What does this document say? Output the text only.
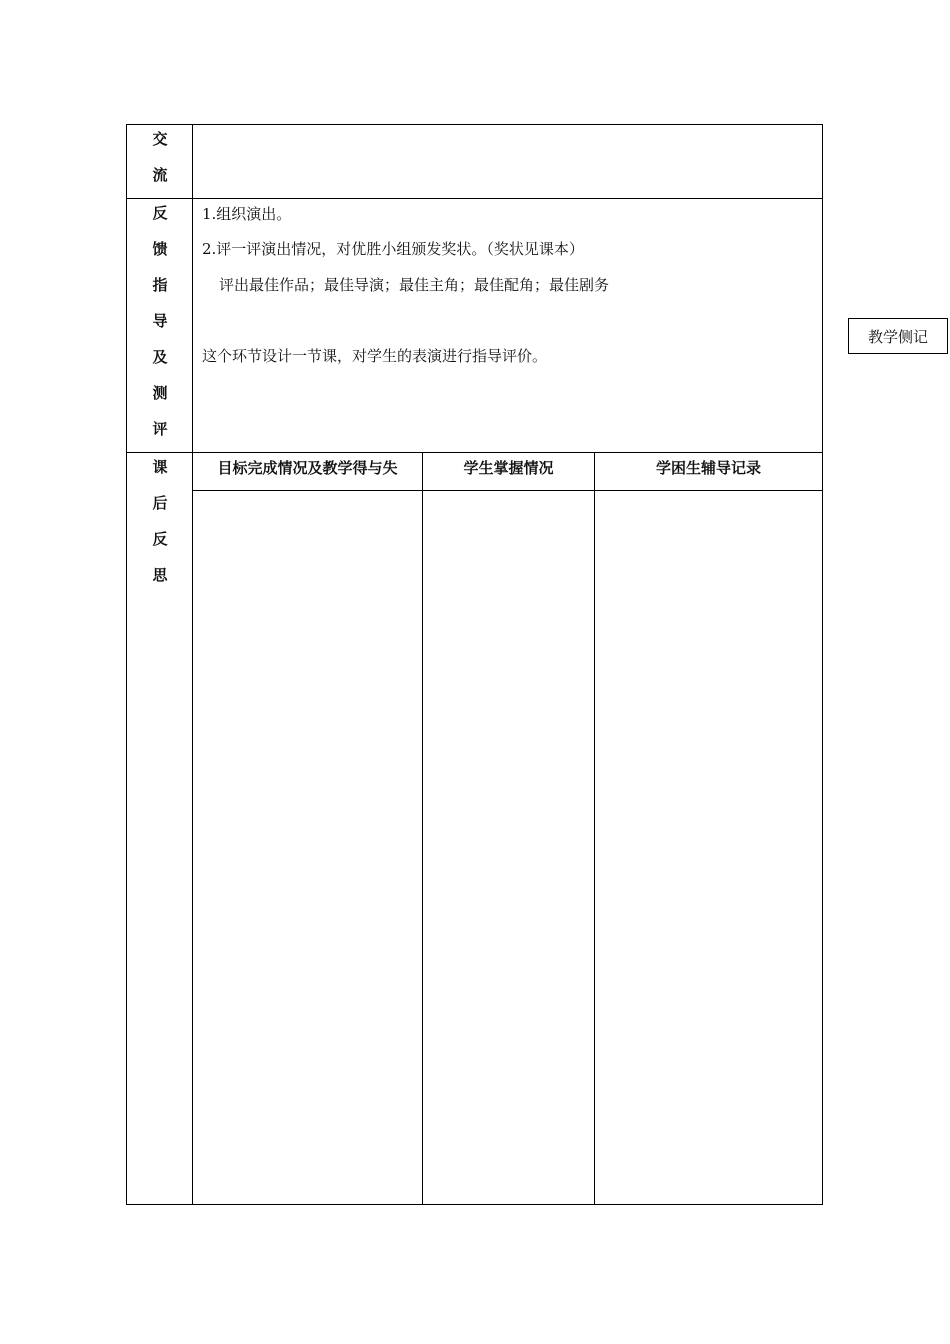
交
流
反
馈
指
导
及
测
评
1.组织演出。
2.评一评演出情况，对优胜小组颁发奖状。（奖状见课本）
评出最佳作品；最佳导演；最佳主角；最佳配角；最佳剧务
这个环节设计一节课，对学生的表演进行指导评价。
课
后
反
思
目标完成情况及教学得与失	学生掌握情况	学困生辅导记录
教学侧记
